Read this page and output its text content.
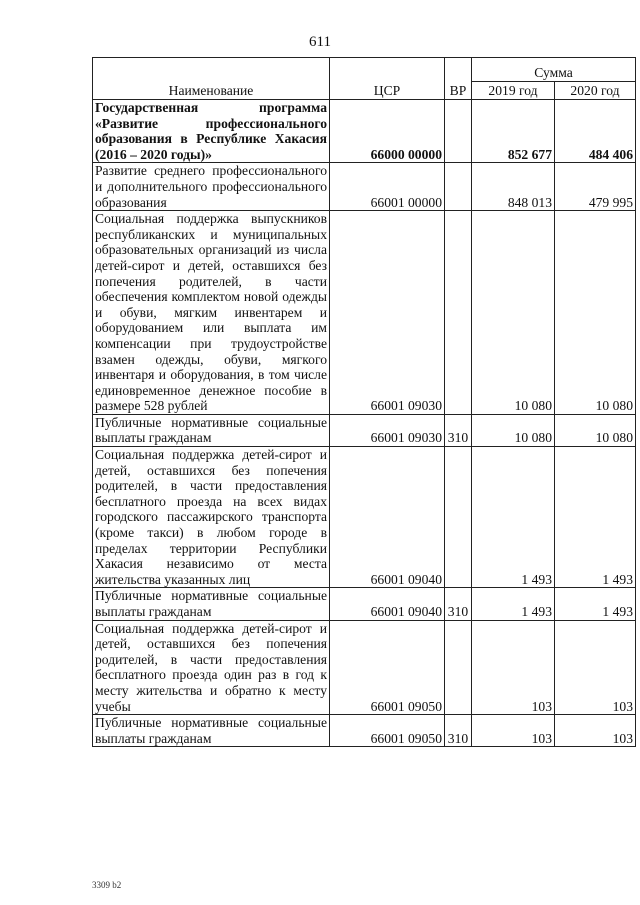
611
Наименование	ЦСР	ВР	Сумма	
			2019 год	2020 год
Государственная программа «Развитие профессионального образования в Республике Хакасия (2016 – 2020 годы)»	66000 00000		852 677	484 406
Развитие среднего профессионального и дополнительного профессионального образования	66001 00000		848 013	479 995
Социальная поддержка выпускников республиканских и муниципальных образовательных организаций из числа детей-сирот и детей, оставшихся без попечения родителей, в части обеспечения комплектом новой одежды и обуви, мягким инвентарем и оборудованием или выплата им компенсации при трудоустройстве взамен одежды, обуви, мягкого инвентаря и оборудования, в том числе единовременное денежное пособие в размере 528 рублей	66001 09030		10 080	10 080
Публичные нормативные социальные выплаты гражданам	66001 09030	310	10 080	10 080
Социальная поддержка детей-сирот и детей, оставшихся без попечения родителей, в части предоставления бесплатного проезда на всех видах городского пассажирского транспорта (кроме такси) в любом городе в пределах территории Республики Хакасия независимо от места жительства указанных лиц	66001 09040		1 493	1 493
Публичные нормативные социальные выплаты гражданам	66001 09040	310	1 493	1 493
Социальная поддержка детей-сирот и детей, оставшихся без попечения родителей, в части предоставления бесплатного проезда один раз в год к месту жительства и обратно к месту учебы	66001 09050		103	103
Публичные нормативные социальные выплаты гражданам	66001 09050	310	103	103
3309 b2
